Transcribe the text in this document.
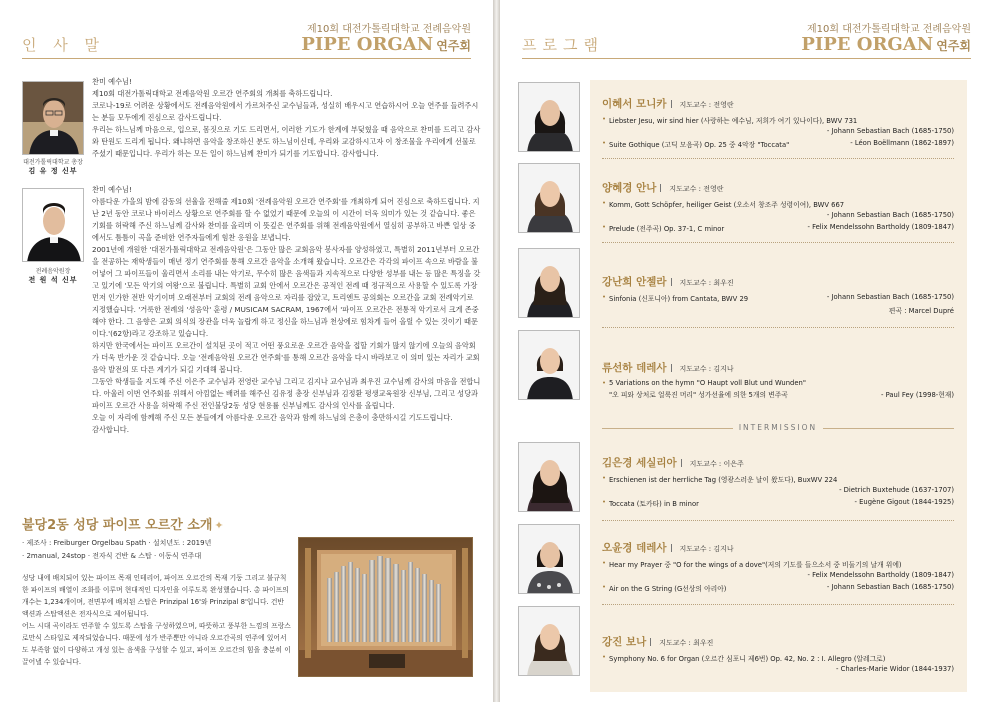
인 사 말
제10회 대전가톨릭대학교 전례음악원
PIPE ORGAN 연주회
대전가톨릭대학교 총장
김 유 정 신부

찬미 예수님!

제10회 대전가톨릭대학교 전례음악원 오르간 연주회의 개최를 축하드립니다.

코로나-19로 어려운 상황에서도 전례음악원에서 가르쳐주신 교수님들과, 성실히 배우시고 연습하시어 오늘 연주를 들려주시는 분들 모두에게 진심으로 감사드립니다.

우리는 하느님께 마음으로, 입으로, 몸짓으로 기도 드리면서, 이러한 기도가 한계에 부딪혔을 때 음악으로 찬미를 드리고 감사와 탄원도 드리게 됩니다. 왜냐하면 음악을 창조하신 분도 하느님이신데, 우리와 교감하시고자 이 창조물을 우리에게 선물로 주셨기 때문입니다. 우리가 하는 모든 일이 하느님께 찬미가 되기를 기도합니다. 감사합니다.

전례음악원장
전 원 석 신부

찬미 예수님!

아름다운 가을의 밤에 감동의 선율을 전해줄 제10회 '전례음악원 오르간 연주회'를 개최하게 되어 진심으로 축하드립니다. 지난 2년 동안 코로나 바이러스 상황으로 연주회를 할 수 없었기 때문에 오늘의 이 시간이 더욱 의미가 있는 것 같습니다. 좋은 기회를 허락해 주신 하느님께 감사와 찬미를 올리며 이 뜻깊은 연주회를 위해 전례음악원에서 열심히 공부하고 바쁜 일상 중에서도 틈틈이 곡을 준비한 연주자들에게 힘찬 응원을 보냅니다.

2001년에 개원한 '대전가톨릭대학교 전례음악원'은 그동안 많은 교회음악 봉사자를 양성하였고, 특별히 2011년부터 오르간을 전공하는 재학생들이 매년 정기 연주회를 통해 오르간 음악을 소개해 왔습니다. 오르간은 각각의 파이프 속으로 바람을 불어넣어 그 파이프들이 울리면서 소리를 내는 악기로, 무수히 많은 음색들과 지속적으로 다양한 성부를 내는 등 많은 특징을 갖고 있기에 '모든 악기의 여왕'으로 불립니다. 특별히 교회 안에서 오르간은 공적인 전례 때 정규적으로 사용할 수 있도록 가장 먼저 인가한 전반 악기이며 오래전부터 교회의 전례 음악으로 자리를 잡았고, 트리엔트 공의회는 오르간을 교회 전례악기로 지정했습니다. '거룩한 전례의 '성음악' 훈령 / MUSICAM SACRAM, 1967에서 '파이프 오르간은 전통적 악기로서 크게 존중해야 한다. 그 음향은 교회 의식의 장관을 더욱 놀랍게 하고 정신을 하느님과 천상에로 힘차게 들어 올릴 수 있는 것이기 때문이다.'(62항)라고 강조하고 있습니다.

하지만 한국에서는 파이프 오르간이 설치된 곳이 적고 어떤 풍요로운 오르간 음악을 접할 기회가 많지 않기에 오늘의 음악회가 더욱 반가운 것 같습니다. 오늘 '전례음악원 오르간 연주회'를 통해 오르간 음악을 다시 바라보고 이 의미 있는 자리가 교회음악 발전의 또 다른 계기가 되길 기대해 봅니다.

그동안 학생들을 지도해 주신 이은주 교수님과 전영란 교수님 그리고 김지나 교수님과 최우진 교수님께 감사의 마음을 전합니다. 아울러 이번 연주회를 위해서 아낌없는 배려를 해주신 김유정 총장 신부님과 김정환 평생교육원장 신부님, 그리고 성당과 파이프 오르간 사용을 허락해 주신 전인불당2동 성당 현용률 신부님께도 감사의 인사를 올립니다.

오늘 이 자리에 함께해 주신 모든 분들에게 아름다운 오르간 음악과 함께 하느님의 은총이 충만하시길 기도드립니다.

감사합니다.

불당2동 성당 파이프 오르간 소개 ✦
· 제조사 : Freiburger Orgelbau Spath · 설치년도 : 2019년
· 2manual, 24stop · 전자식 건반 & 스탑 · 이동식 연주대

성당 내에 배치되어 있는 파이프 목재 인테리어, 파이프 오르간의 목재 기둥 그리고 불규칙한 파이프의 배열이 조화를 이루며 현대적인 디자인을 이루도록 완성했습니다. 총 파이프의 개수는 1,234개이며, 전면부에 배치된 스탑은 Prinzipal 16'와 Prinzipal 8'입니다. 건반 액션과 스탑액션은 전자식으로 제어됩니다.

어느 시대 곡이라도 연주할 수 있도록 스탑을 구성하였으며, 따뜻하고 풍부한 느낌의 프랑스 로만식 스타일로 제작되었습니다. 때문에 성가 반주뿐만 아니라 오르간곡의 연주에 있어서도 부족함 없이 다양하고 개성 있는 음색을 구성할 수 있고, 파이프 오르간의 힘을 충분히 이끌어낼 수 있습니다.

프로그램
제10회 대전가톨릭대학교 전례음악원
PIPE ORGAN 연주회
이혜서 모니카 지도교수 : 전영란
• Liebster Jesu, wir sind hier (사랑하는 예수님, 저희가 여기 있나이다), BWV 731
- Johann Sebastian Bach (1685-1750)
• Suite Gothique (고딕 모음곡) Op. 25 중 4악장 "Toccata"	- Léon Boëllmann (1862-1897)
양혜경 안나 지도교수 : 전영란
• Komm, Gott Schöpfer, heiliger Geist (오소서 창조주 성령이여), BWV 667
- Johann Sebastian Bach (1685-1750)
• Prelude (전주곡) Op. 37-1, C minor	- Felix Mendelssohn Bartholdy (1809-1847)
강난희 안젤라 지도교수 : 최우진
• Sinfonia (신포니아) from Cantata, BWV 29	- Johann Sebastian Bach (1685-1750)
편곡 : Marcel Dupré
류선하 데레사 지도교수 : 김지나
• 5 Variations on the hymn "O Haupt voll Blut und Wunden"
"오 피와 상처로 얼룩진 머리" 성가선율에 의한 5개의 변주곡	- Paul Fey (1998-현재)
INTERMISSION
김은경 세실리아 지도교수 : 이은주
• Erschienen ist der herrliche Tag (영광스러운 날이 왔도다), BuxWV 224
- Dietrich Buxtehude (1637-1707)
• Toccata (토카타) in B minor	- Eugène Gigout (1844-1925)
오윤경 데레사 지도교수 : 김지나
• Hear my Prayer 중 "O for the wings of a dove"(저의 기도를 들으소서 중 비둘기의 날개 위에)
- Felix Mendelssohn Bartholdy (1809-1847)
• Air on the G String (G선상의 아리아)	- Johann Sebastian Bach (1685-1750)
강진 보나 지도교수 : 최우진
• Symphony No. 6 for Organ (오르간 심포니 제6번) Op. 42, No. 2 : I. Allegro (알레그로)
- Charles-Marie Widor (1844-1937)
